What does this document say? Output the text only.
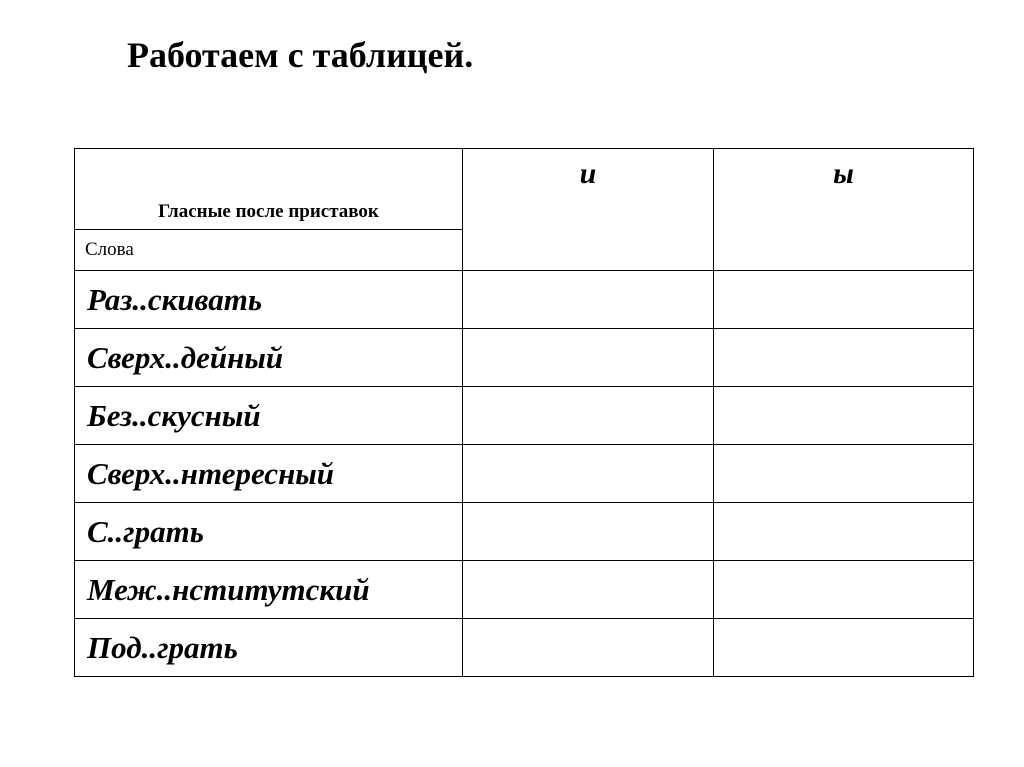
Работаем с таблицей.
Гласные после приставок	и	ы

Слова		
Раз..скивать		
Сверх..дейный		
Без..скусный		
Сверх..нтересный		
С..грать		
Меж..нститутский		
Под..грать		
